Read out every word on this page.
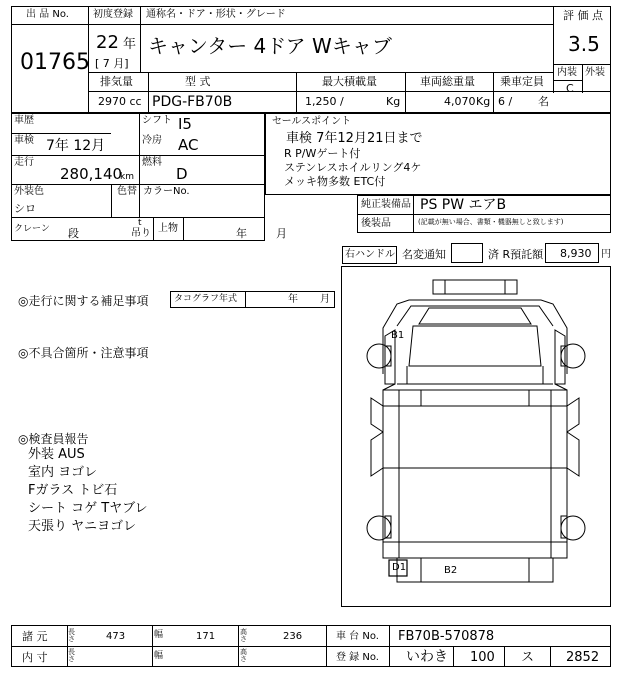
出 品 No.
01765
初度登録
22 年
[ 7 月]
通称名・ドア・形状・グレード
キャンター 4ドア Wキャブ
評 価 点
3.5
内装 外装
C
排気量
2970 cc
型 式
PDG-FB70B
最大積載量
1,250 /	Kg
車両総重量
4,070 Kg
乗車定員
6 / 名
車歴
車検 7年 12月
走行
280,140
km
シフト I5
冷房 AC
燃料
D
外装色
シロ
色替 カラーNo.
クレーン 段
t
吊り 上物	年	月
セールスポイント
車検 7年12月21日まで
R P/Wゲート付
ステンレスホイルリング4ケ
メッキ物多数 ETC付
純正装備品 PS PW エアB
後装品	(記載が無い場合、書類・機器無しと致します)
右ハンドル 名変通知	済 R預託額 8,930 円
◎走行に関する補足事項	タコグラフ年式	年 月
◎不具合箇所・注意事項
◎検査員報告
外装 AUS
室内 ヨゴレ
Fガラス トビ石
シート コゲ Tヤブレ
天張り ヤニヨゴレ
B1
D1	B2
諸 元	長さ	473	幅	171	高さ	236	車 台 No. FB70B-570878
内 寸	長さ	幅	高さ	登 録 No. いわき 100 ス 2852
